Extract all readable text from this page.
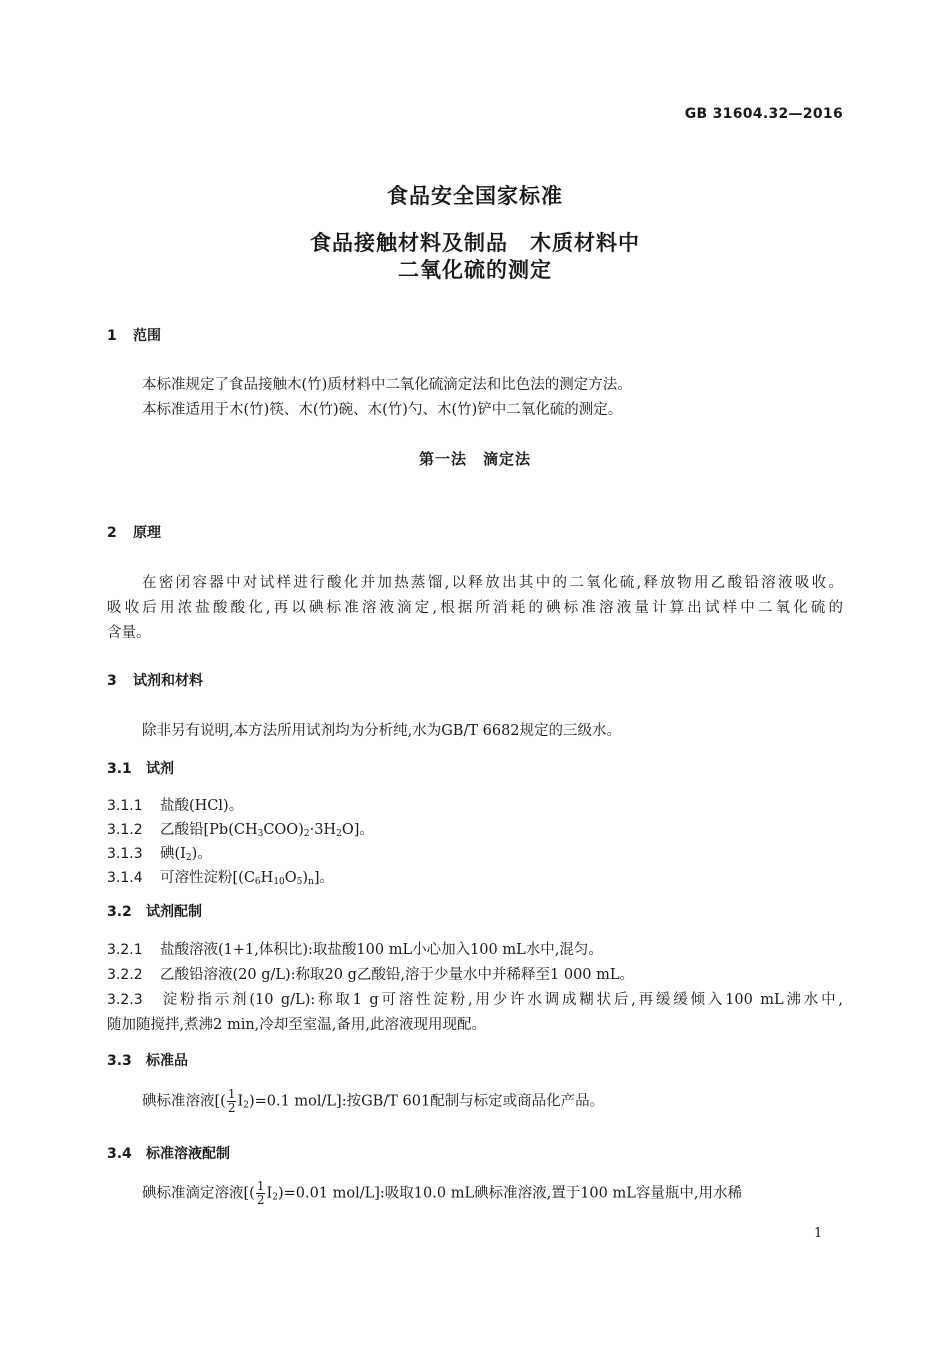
GB 31604.32—2016
食品安全国家标准
食品接触材料及制品　木质材料中
二氧化硫的测定
1 范围
本标准规定了食品接触木(竹)质材料中二氧化硫滴定法和比色法的测定方法。
本标准适用于木(竹)筷、木(竹)碗、木(竹)勺、木(竹)铲中二氧化硫的测定。
第一法　滴定法
2 原理
在密闭容器中对试样进行酸化并加热蒸馏,以释放出其中的二氧化硫,释放物用乙酸铅溶液吸收。
吸收后用浓盐酸酸化,再以碘标准溶液滴定,根据所消耗的碘标准溶液量计算出试样中二氧化硫的
含量。
3 试剂和材料
除非另有说明,本方法所用试剂均为分析纯,水为GB/T 6682规定的三级水。
3.1 试剂
3.1.1 盐酸(HCl)。
3.1.2 乙酸铅$[Pb(CH_3COO)_2\cdot 3H_2O]$。
3.1.3 碘$(I_2)$。
3.1.4 可溶性淀粉$[(C_6H_{10}O_5)_n]$。
3.2 试剂配制
3.2.1 盐酸溶液(1+1,体积比):取盐酸100 mL小心加入100 mL水中,混匀。
3.2.2 乙酸铅溶液(20 g/L):称取20 g乙酸铅,溶于少量水中并稀释至1 000 mL。
3.2.3 淀粉指示剂(10 g/L):称取1 g可溶性淀粉,用少许水调成糊状后,再缓缓倾入100 mL沸水中,
随加随搅拌,煮沸2 min,冷却至室温,备用,此溶液现用现配。
3.3 标准品
碘标准溶液[( $\frac{1}{2} I_2)=0.1$ mol/L]:按GB/T 601配制与标定或商品化产品。
3.4 标准溶液配制
碘标准滴定溶液[( $\frac{1}{2} I_2)=0.01$ mol/L]:吸取10.0 mL碘标准溶液,置于100 mL容量瓶中,用水稀
1
